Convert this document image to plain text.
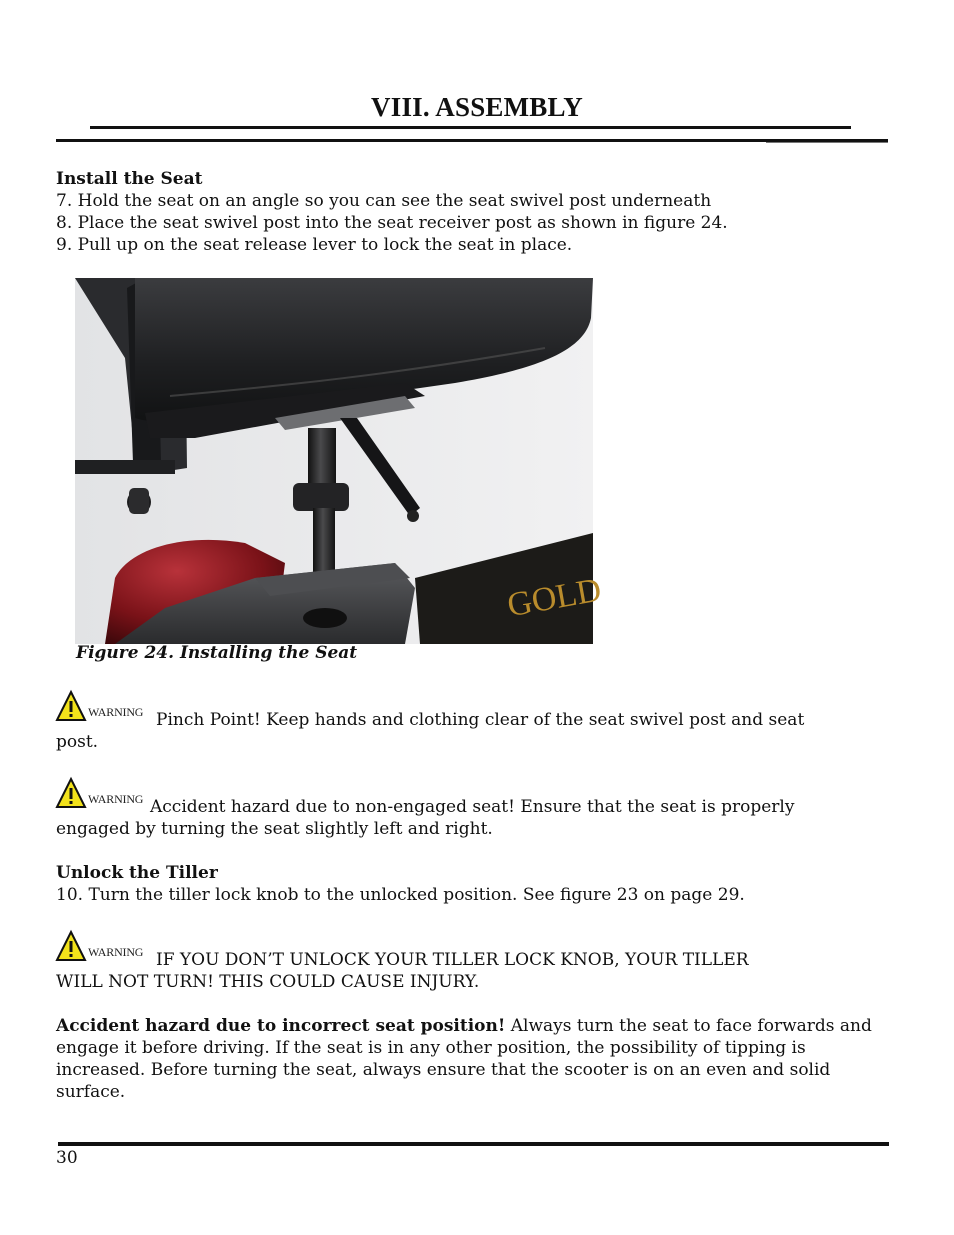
VIII. ASSEMBLY
Install the Seat
7. Hold the seat on an angle so you can see the seat swivel post underneath
8. Place the seat swivel post into the seat receiver post as shown in figure 24.
9. Pull up on the seat release lever to lock the seat in place.
GOLD
Figure 24. Installing the Seat
WARNING Pinch Point! Keep hands and clothing clear of the seat swivel post and seat
post.
WARNING Accident hazard due to non-engaged seat! Ensure that the seat is properly
engaged by turning the seat slightly left and right.
Unlock the Tiller
10. Turn the tiller lock knob to the unlocked position. See figure 23 on page 29.
WARNING IF YOU DON’T UNLOCK YOUR TILLER LOCK KNOB, YOUR TILLER
WILL NOT TURN! THIS COULD CAUSE INJURY.
Accident hazard due to incorrect seat position! Always turn the seat to face forwards and engage it before driving. If the seat is in any other position, the possibility of tipping is increased. Before turning the seat, always ensure that the scooter is on an even and solid surface.
30
